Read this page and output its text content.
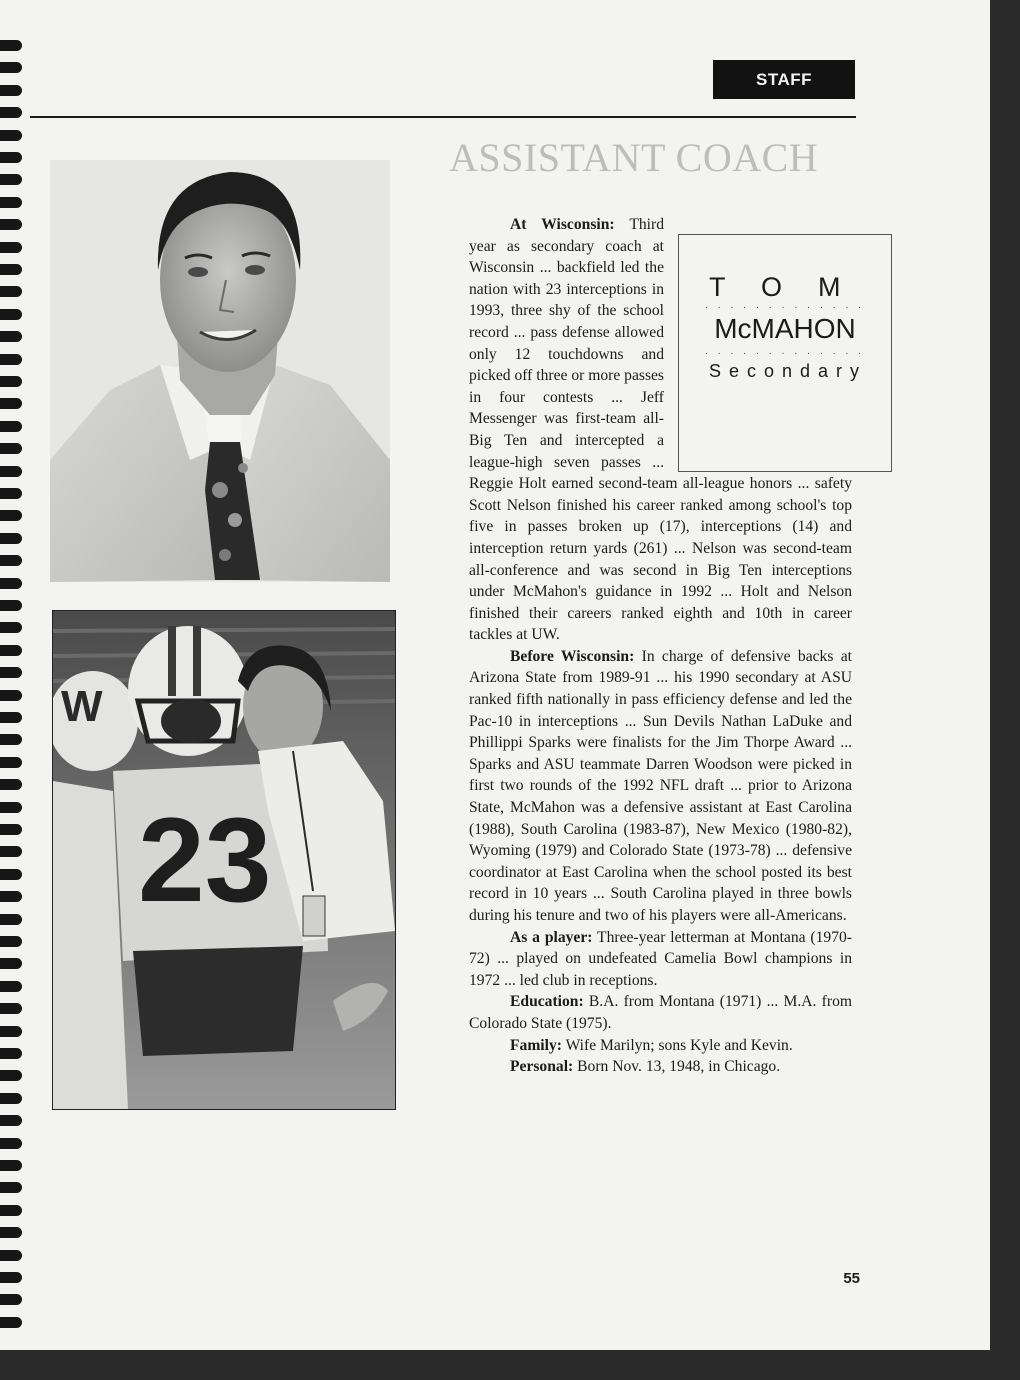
STAFF
ASSISTANT COACH
W
23
TOM
.............
McMAHON
.............
Secondary

At Wisconsin: Third year as secondary coach at Wisconsin ... backfield led the nation with 23 interceptions in 1993, three shy of the school record ... pass defense allowed only 12 touchdowns and picked off three or more passes in four contests ... Jeff Messenger was first-team all-Big Ten and intercepted a league-high seven passes ... Reggie Holt earned second-team all-league honors ... safety Scott Nelson finished his career ranked among school's top five in passes broken up (17), interceptions (14) and interception return yards (261) ... Nelson was second-team all-conference and was second in Big Ten interceptions under McMahon's guidance in 1992 ... Holt and Nelson finished their careers ranked eighth and 10th in career tackles at UW.

Before Wisconsin: In charge of defensive backs at Arizona State from 1989-91 ... his 1990 secondary at ASU ranked fifth nationally in pass efficiency defense and led the Pac-10 in interceptions ... Sun Devils Nathan LaDuke and Phillippi Sparks were finalists for the Jim Thorpe Award ... Sparks and ASU teammate Darren Woodson were picked in first two rounds of the 1992 NFL draft ... prior to Arizona State, McMahon was a defensive assistant at East Carolina (1988), South Carolina (1983-87), New Mexico (1980-82), Wyoming (1979) and Colorado State (1973-78) ... defensive coordinator at East Carolina when the school posted its best record in 10 years ... South Carolina played in three bowls during his tenure and two of his players were all-Americans.

As a player: Three-year letterman at Montana (1970-72) ... played on undefeated Camelia Bowl champions in 1972 ... led club in receptions.

Education: B.A. from Montana (1971) ... M.A. from Colorado State (1975).

Family: Wife Marilyn; sons Kyle and Kevin.

Personal: Born Nov. 13, 1948, in Chicago.

55
